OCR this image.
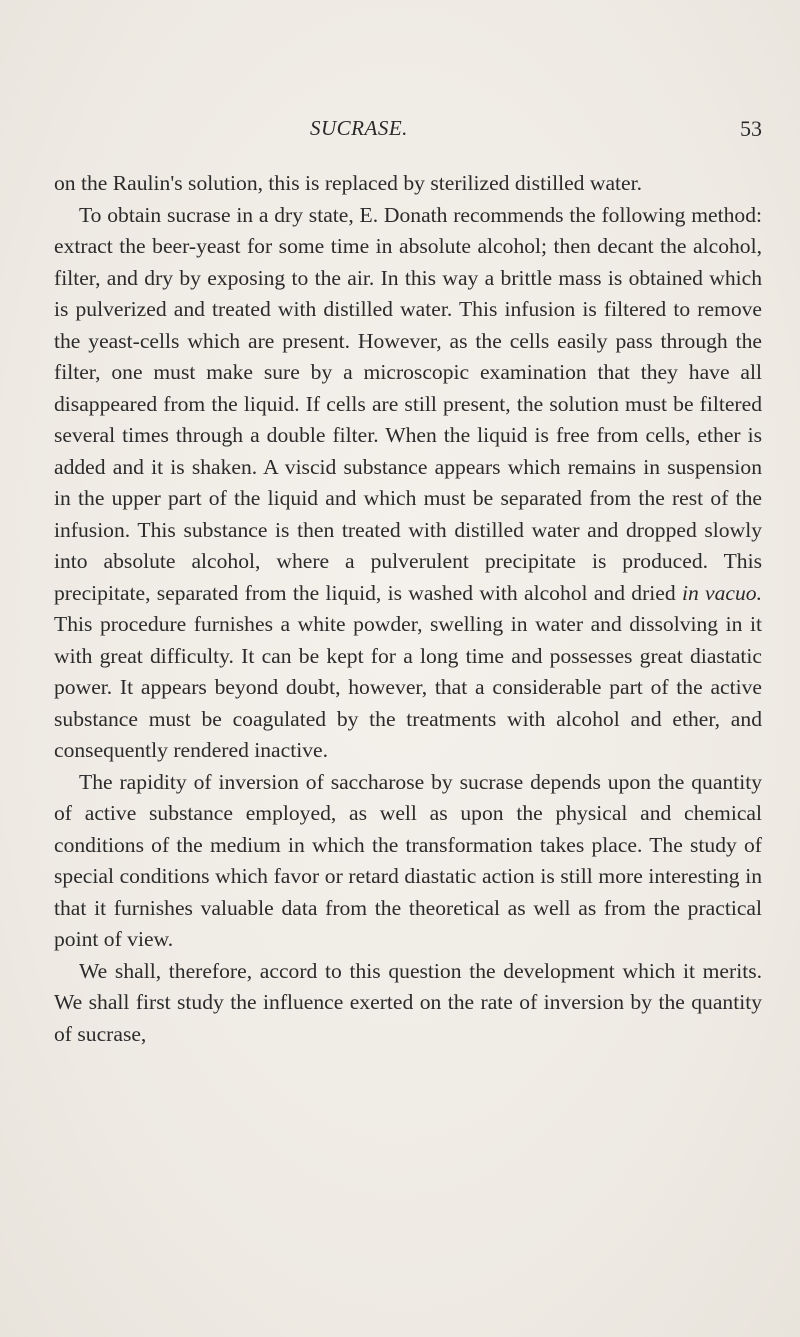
SUCRASE.	53

on the Raulin's solution, this is replaced by sterilized distilled water.

To obtain sucrase in a dry state, E. Donath recommends the following method: extract the beer-yeast for some time in absolute alcohol; then decant the alcohol, filter, and dry by exposing to the air. In this way a brittle mass is obtained which is pulverized and treated with distilled water. This infusion is filtered to remove the yeast-cells which are present. However, as the cells easily pass through the filter, one must make sure by a microscopic examination that they have all disappeared from the liquid. If cells are still present, the solution must be filtered several times through a double filter. When the liquid is free from cells, ether is added and it is shaken. A viscid substance appears which remains in suspension in the upper part of the liquid and which must be separated from the rest of the infusion. This substance is then treated with distilled water and dropped slowly into absolute alcohol, where a pulverulent precipitate is produced. This precipitate, separated from the liquid, is washed with alcohol and dried in vacuo. This procedure furnishes a white powder, swelling in water and dissolving in it with great difficulty. It can be kept for a long time and possesses great diastatic power. It appears beyond doubt, however, that a considerable part of the active substance must be coagulated by the treatments with alcohol and ether, and consequently rendered inactive.

The rapidity of inversion of saccharose by sucrase depends upon the quantity of active substance employed, as well as upon the physical and chemical conditions of the medium in which the transformation takes place. The study of special conditions which favor or retard diastatic action is still more interesting in that it furnishes valuable data from the theoretical as well as from the practical point of view.

We shall, therefore, accord to this question the development which it merits. We shall first study the influence exerted on the rate of inversion by the quantity of sucrase,
